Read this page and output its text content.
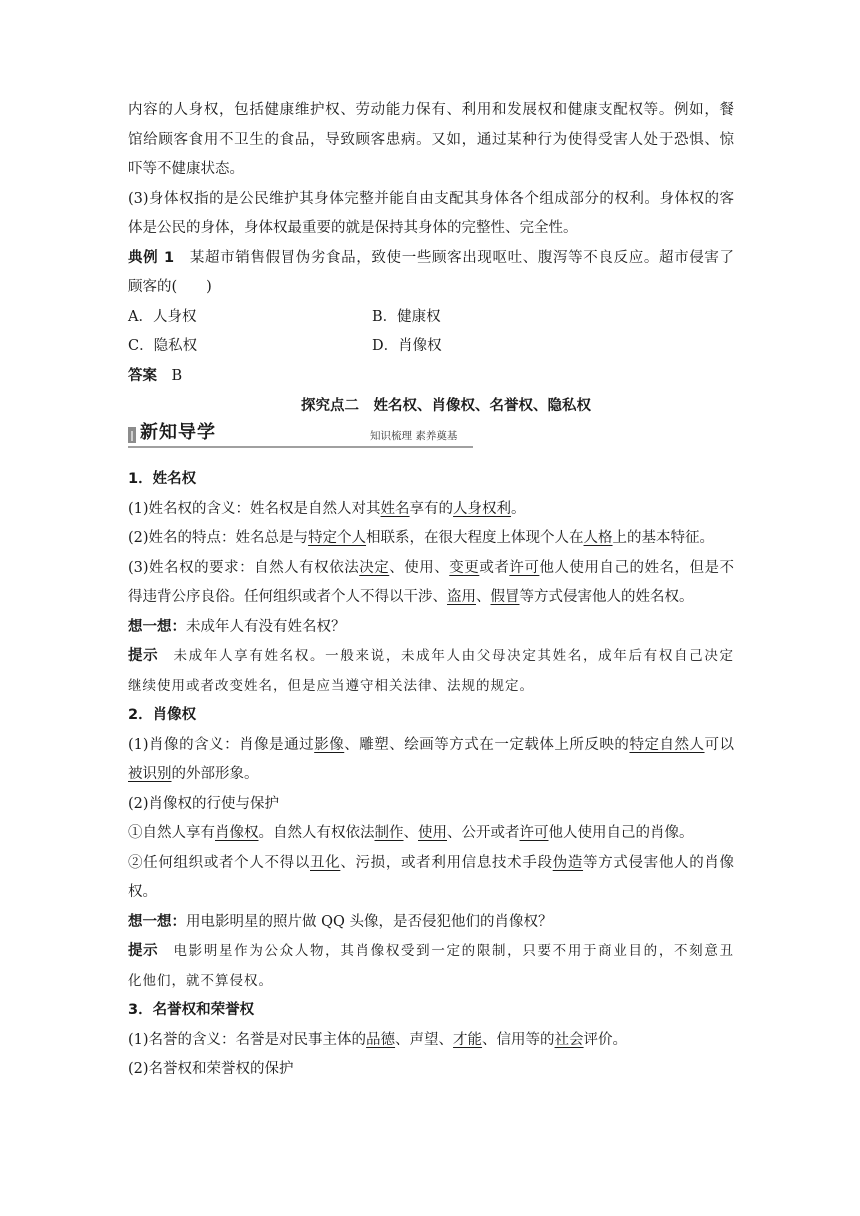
内容的人身权，包括健康维护权、劳动能力保有、利用和发展权和健康支配权等。例如，餐
馆给顾客食用不卫生的食品，导致顾客患病。又如，通过某种行为使得受害人处于恐惧、惊
吓等不健康状态。
(3)身体权指的是公民维护其身体完整并能自由支配其身体各个组成部分的权利。身体权的客
体是公民的身体，身体权最重要的就是保持其身体的完整性、完全性。
典例 1　某超市销售假冒伪劣食品，致使一些顾客出现呕吐、腹泻等不良反应。超市侵害了
顾客的(　　)
A．人身权	B．健康权
C．隐私权	D．肖像权
答案　B
探究点二　姓名权、肖像权、名誉权、隐私权
新知导学	知识梳理 素养奠基
1．姓名权
(1)姓名权的含义：姓名权是自然人对其姓名享有的人身权利。
(2)姓名的特点：姓名总是与特定个人相联系，在很大程度上体现个人在人格上的基本特征。
(3)姓名权的要求：自然人有权依法决定、使用、变更或者许可他人使用自己的姓名，但是不
得违背公序良俗。任何组织或者个人不得以干涉、盗用、假冒等方式侵害他人的姓名权。
想一想：未成年人有没有姓名权？
提示　未成年人享有姓名权。一般来说，未成年人由父母决定其姓名，成年后有权自己决定
继续使用或者改变姓名，但是应当遵守相关法律、法规的规定。
2．肖像权
(1)肖像的含义：肖像是通过影像、雕塑、绘画等方式在一定载体上所反映的特定自然人可以
被识别的外部形象。
(2)肖像权的行使与保护
①自然人享有肖像权。自然人有权依法制作、使用、公开或者许可他人使用自己的肖像。
②任何组织或者个人不得以丑化、污损，或者利用信息技术手段伪造等方式侵害他人的肖像
权。
想一想：用电影明星的照片做 QQ 头像，是否侵犯他们的肖像权？
提示　电影明星作为公众人物，其肖像权受到一定的限制，只要不用于商业目的，不刻意丑
化他们，就不算侵权。
3．名誉权和荣誉权
(1)名誉的含义：名誉是对民事主体的品德、声望、才能、信用等的社会评价。
(2)名誉权和荣誉权的保护
